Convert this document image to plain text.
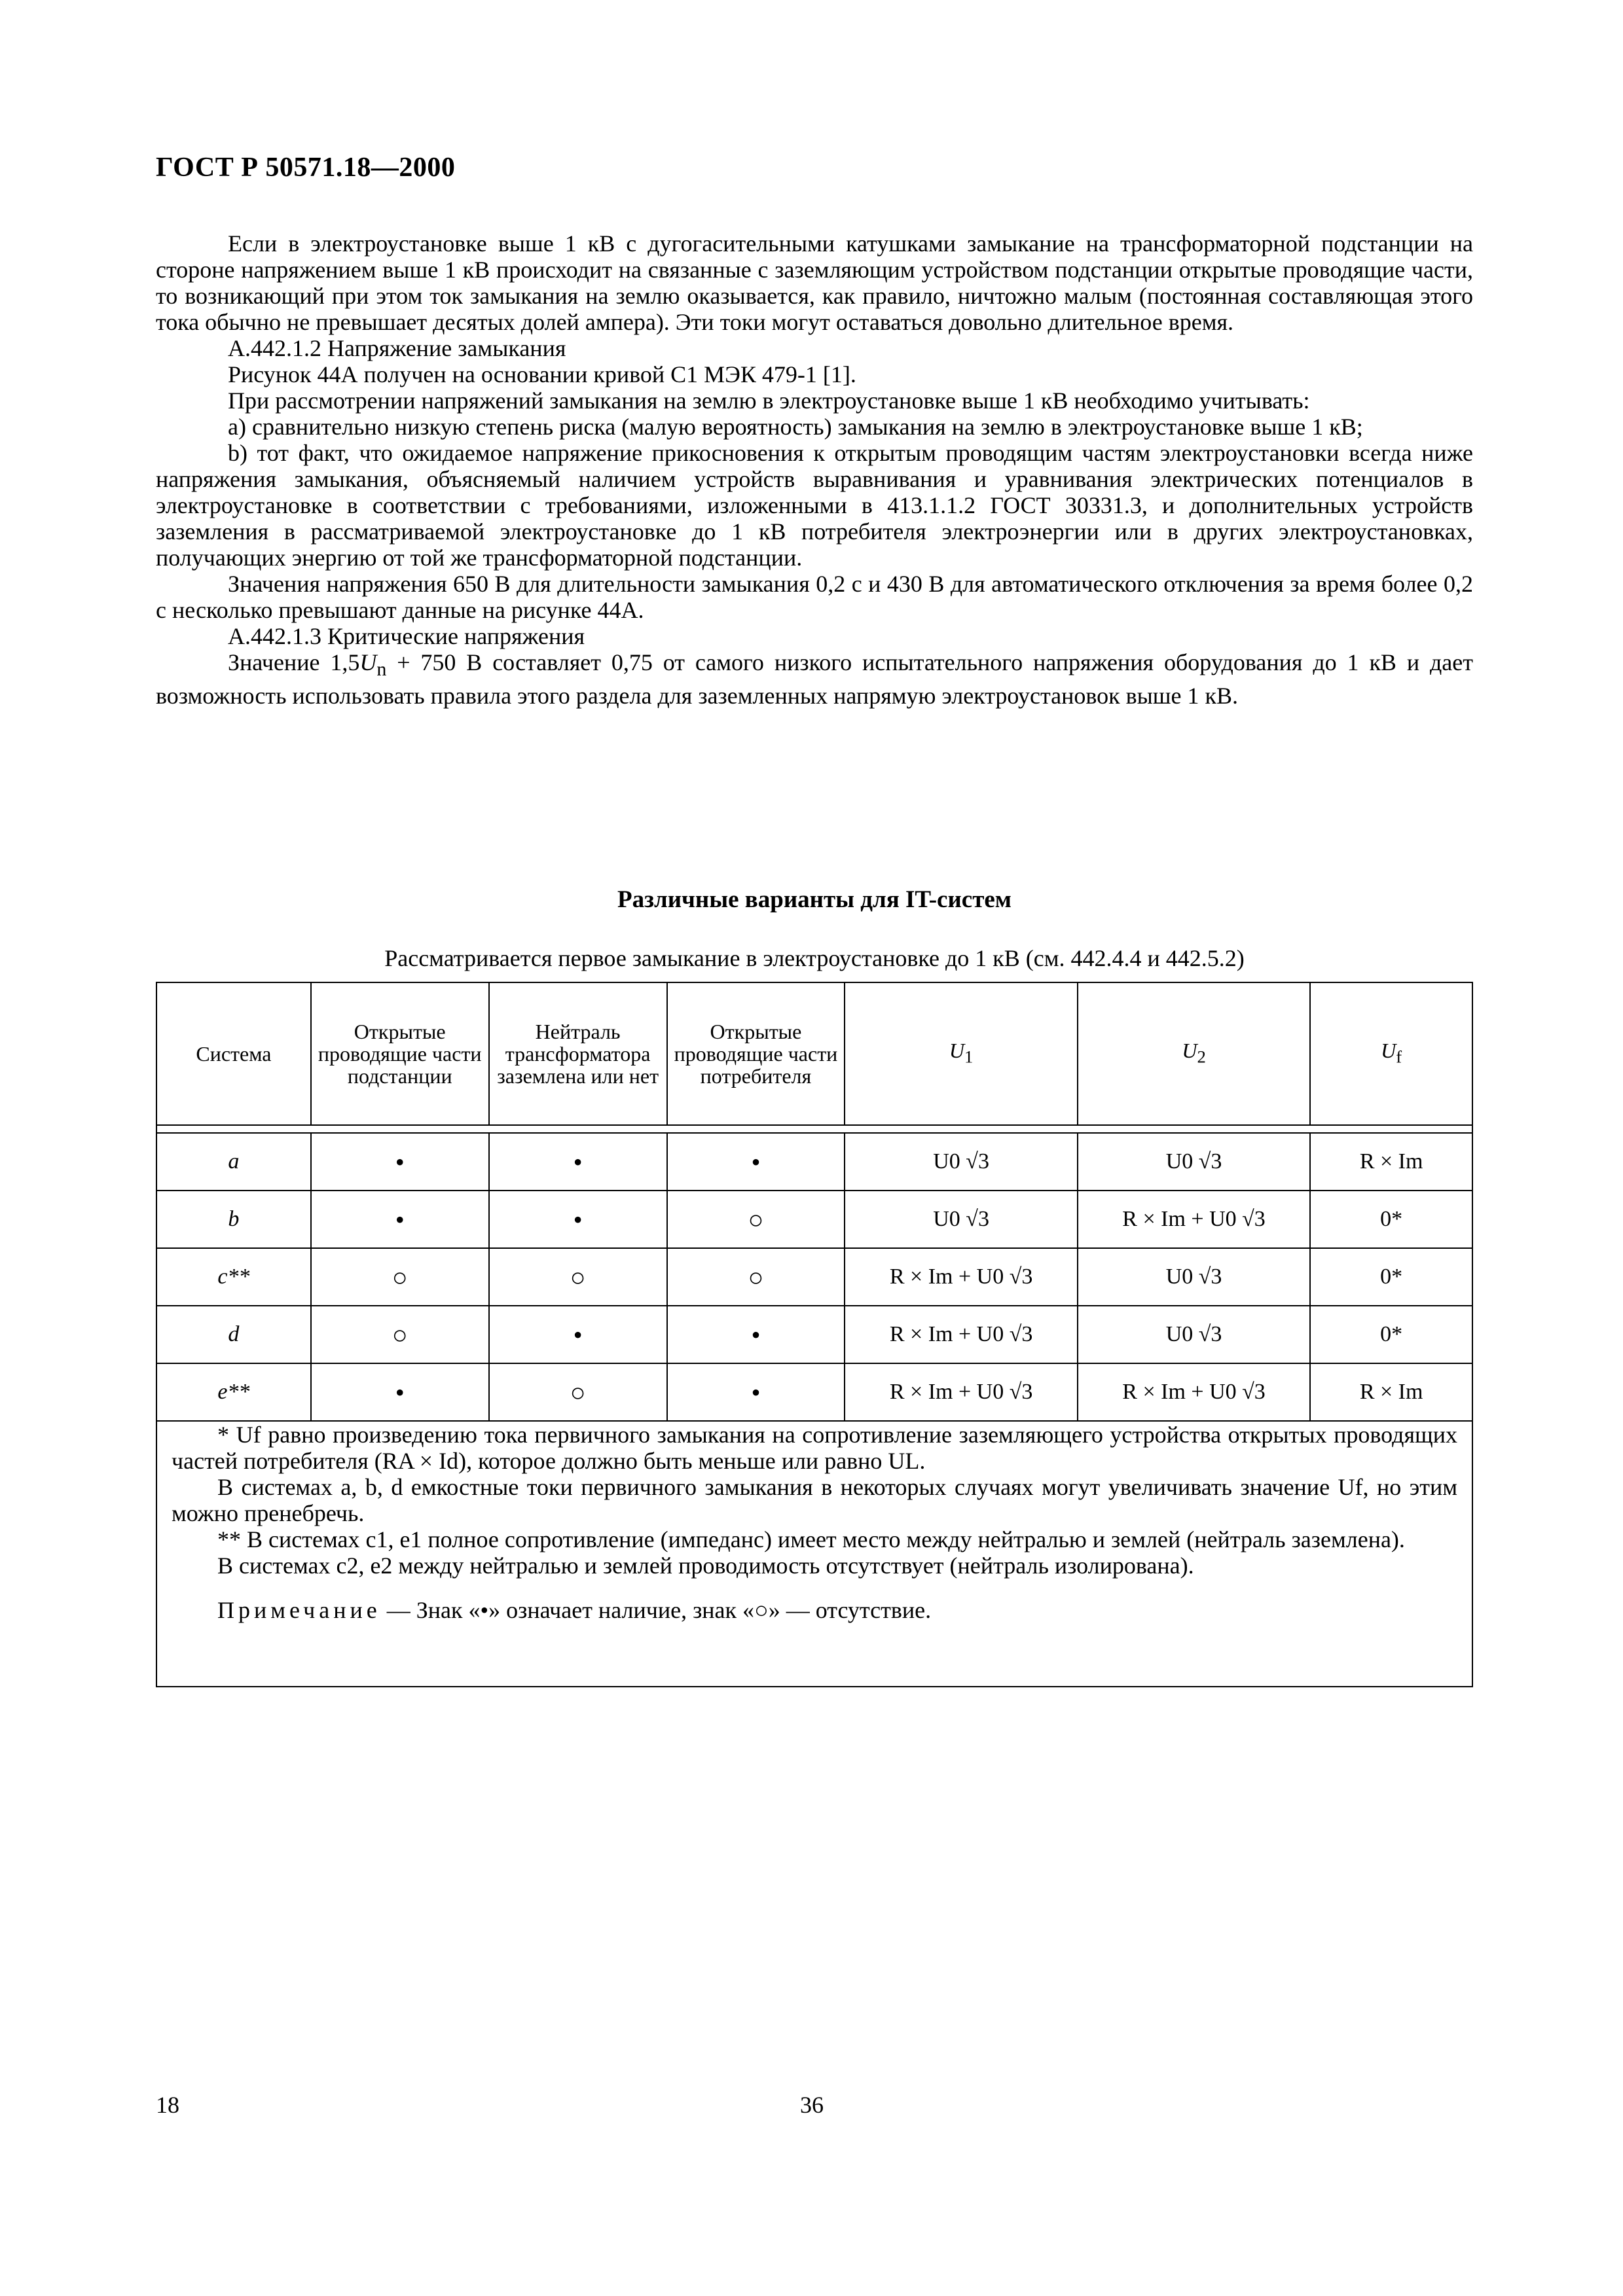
ГОСТ Р 50571.18—2000

Если в электроустановке выше 1 кВ с дугогасительными катушками замыкание на трансформаторной подстанции на стороне напряжением выше 1 кВ происходит на связанные с заземляющим устройством подстанции открытые проводящие части, то возникающий при этом ток замыкания на землю оказывается, как правило, ничтожно малым (постоянная составляющая этого тока обычно не превышает десятых долей ампера). Эти токи могут оставаться довольно длительное время.

А.442.1.2 Напряжение замыкания

Рисунок 44А получен на основании кривой С1 МЭК 479-1 [1].

При рассмотрении напряжений замыкания на землю в электроустановке выше 1 кВ необходимо учитывать:

a) сравнительно низкую степень риска (малую вероятность) замыкания на землю в электроустановке выше 1 кВ;

b) тот факт, что ожидаемое напряжение прикосновения к открытым проводящим частям электроустановки всегда ниже напряжения замыкания, объясняемый наличием устройств выравнивания и уравнивания электрических потенциалов в электроустановке в соответствии с требованиями, изложенными в 413.1.1.2 ГОСТ 30331.3, и дополнительных устройств заземления в рассматриваемой электроустановке до 1 кВ потребителя электроэнергии или в других электроустановках, получающих энергию от той же трансформаторной подстанции.

Значения напряжения 650 В для длительности замыкания 0,2 с и 430 В для автоматического отключения за время более 0,2 с несколько превышают данные на рисунке 44А.

А.442.1.3 Критические напряжения

Значение $1,5U_n + 750$ В составляет 0,75 от самого низкого испытательного напряжения оборудования до 1 кВ и дает возможность использовать правила этого раздела для заземленных напрямую электроустановок выше 1 кВ.

Различные варианты для IT-систем
Рассматривается первое замыкание в электроустановке до 1 кВ (см. 442.4.4 и 442.5.2)
Система	Открытые проводящие части подстанции	Нейтраль трансформатора заземлена или нет	Открытые проводящие части потребителя	$U_1$	$U_2$	$U_f$

a	•	•	•	U0 √3	U0 √3	R × Im
b	•	•	○	U0 √3	R × Im + U0 √3	0*
c**	○	○	○	R × Im + U0 √3	U0 √3	0*
d	○	•	•	R × Im + U0 √3	U0 √3	0*
e**	•	○	•	R × Im + U0 √3	R × Im + U0 √3	R × Im

* Uf равно произведению тока первичного замыкания на сопротивление заземляющего устройства открытых проводящих частей потребителя (RA × Id), которое должно быть меньше или равно UL.

В системах a, b, d емкостные токи первичного замыкания в некоторых случаях могут увеличивать значение Uf, но этим можно пренебречь.

** В системах c1, e1 полное сопротивление (импеданс) имеет место между нейтралью и землей (нейтраль заземлена).

В системах c2, e2 между нейтралью и землей проводимость отсутствует (нейтраль изолирована).

Примечание — Знак «•» означает наличие, знак «○» — отсутствие.

18	36
